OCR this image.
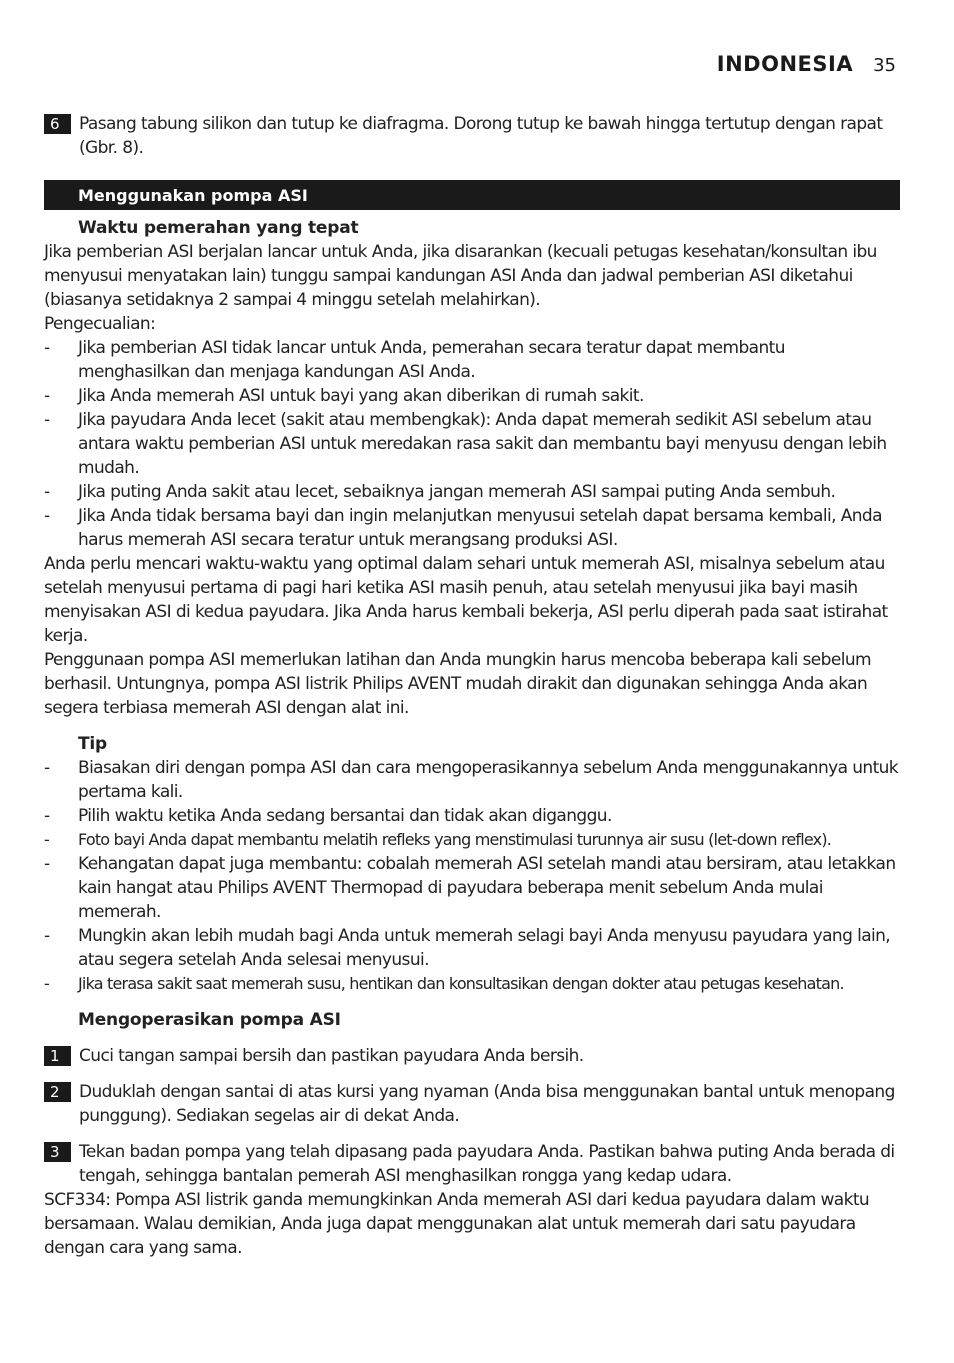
INDONESIA 35
6	Pasang tabung silikon dan tutup ke diafragma. Dorong tutup ke bawah hingga tertutup dengan rapat (Gbr. 8).

Menggunakan pompa ASI

Waktu pemerahan yang tepat

Jika pemberian ASI berjalan lancar untuk Anda, jika disarankan (kecuali petugas kesehatan/konsultan ibu menyusui menyatakan lain) tunggu sampai kandungan ASI Anda dan jadwal pemberian ASI diketahui (biasanya setidaknya 2 sampai 4 minggu setelah melahirkan).

Pengecualian:

- Jika pemberian ASI tidak lancar untuk Anda, pemerahan secara teratur dapat membantu menghasilkan dan menjaga kandungan ASI Anda.
- Jika Anda memerah ASI untuk bayi yang akan diberikan di rumah sakit.
- Jika payudara Anda lecet (sakit atau membengkak): Anda dapat memerah sedikit ASI sebelum atau antara waktu pemberian ASI untuk meredakan rasa sakit dan membantu bayi menyusu dengan lebih mudah.
- Jika puting Anda sakit atau lecet, sebaiknya jangan memerah ASI sampai puting Anda sembuh.
- Jika Anda tidak bersama bayi dan ingin melanjutkan menyusui setelah dapat bersama kembali, Anda harus memerah ASI secara teratur untuk merangsang produksi ASI.

Anda perlu mencari waktu-waktu yang optimal dalam sehari untuk memerah ASI, misalnya sebelum atau setelah menyusui pertama di pagi hari ketika ASI masih penuh, atau setelah menyusui jika bayi masih menyisakan ASI di kedua payudara. Jika Anda harus kembali bekerja, ASI perlu diperah pada saat istirahat kerja.

Penggunaan pompa ASI memerlukan latihan dan Anda mungkin harus mencoba beberapa kali sebelum berhasil. Untungnya, pompa ASI listrik Philips AVENT mudah dirakit dan digunakan sehingga Anda akan segera terbiasa memerah ASI dengan alat ini.

Tip

- Biasakan diri dengan pompa ASI dan cara mengoperasikannya sebelum Anda menggunakannya untuk pertama kali.
- Pilih waktu ketika Anda sedang bersantai dan tidak akan diganggu.
- Foto bayi Anda dapat membantu melatih refleks yang menstimulasi turunnya air susu (let-down reflex).
- Kehangatan dapat juga membantu: cobalah memerah ASI setelah mandi atau bersiram, atau letakkan kain hangat atau Philips AVENT Thermopad di payudara beberapa menit sebelum Anda mulai memerah.
- Mungkin akan lebih mudah bagi Anda untuk memerah selagi bayi Anda menyusu payudara yang lain, atau segera setelah Anda selesai menyusui.
- Jika terasa sakit saat memerah susu, hentikan dan konsultasikan dengan dokter atau petugas kesehatan.

Mengoperasikan pompa ASI

1	Cuci tangan sampai bersih dan pastikan payudara Anda bersih.

2	Duduklah dengan santai di atas kursi yang nyaman (Anda bisa menggunakan bantal untuk menopang punggung). Sediakan segelas air di dekat Anda.

3	Tekan badan pompa yang telah dipasang pada payudara Anda. Pastikan bahwa puting Anda berada di tengah, sehingga bantalan pemerah ASI menghasilkan rongga yang kedap udara.

SCF334: Pompa ASI listrik ganda memungkinkan Anda memerah ASI dari kedua payudara dalam waktu bersamaan. Walau demikian, Anda juga dapat menggunakan alat untuk memerah dari satu payudara dengan cara yang sama.
